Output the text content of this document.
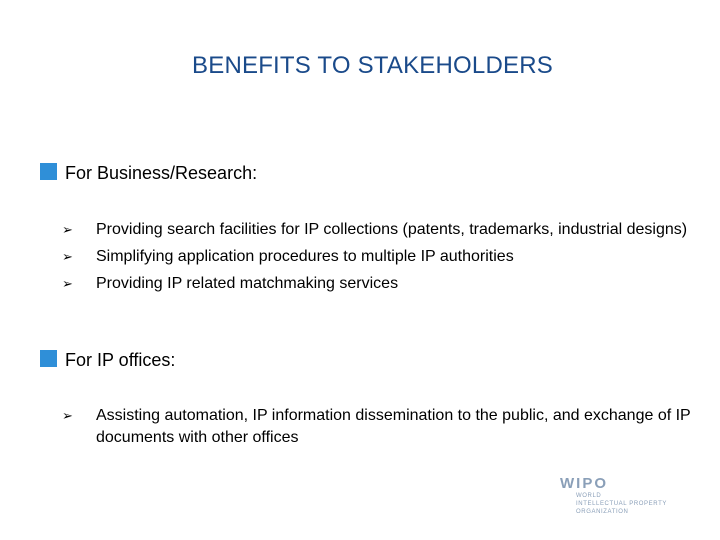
BENEFITS TO STAKEHOLDERS
For Business/Research:
➢ Providing search facilities for IP collections (patents, trademarks, industrial designs)
➢ Simplifying application procedures to multiple IP authorities
➢ Providing IP related matchmaking services
For IP offices:
➢ Assisting automation, IP information dissemination to the public, and exchange of IP documents with other offices
WIPO
WORLD
INTELLECTUAL PROPERTY
ORGANIZATION
